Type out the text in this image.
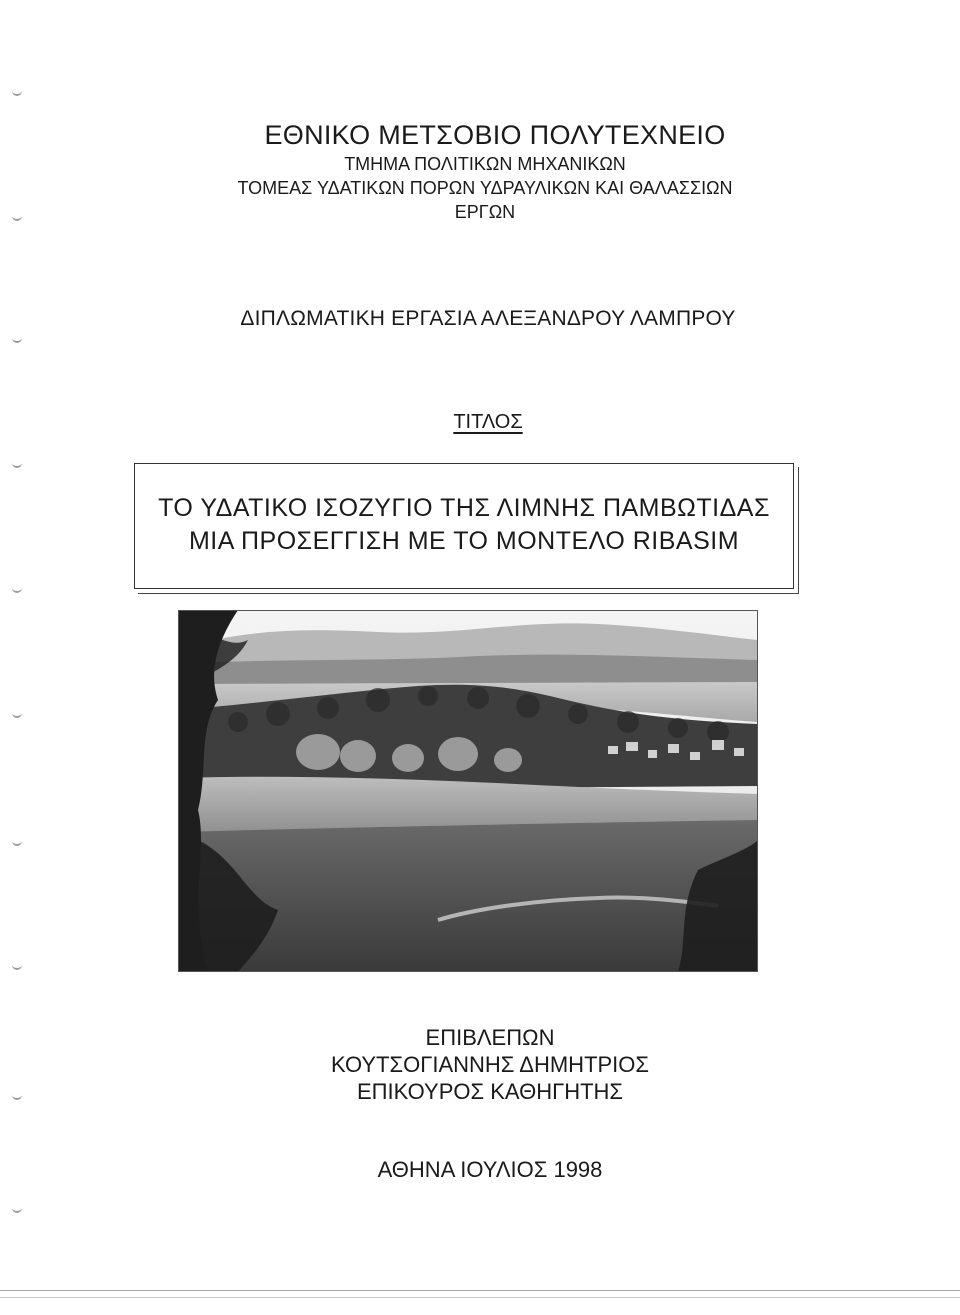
ΕΘΝΙΚΟ ΜΕΤΣΟΒΙΟ ΠΟΛΥΤΕΧΝΕΙΟ
ΤΜΗΜΑ ΠΟΛΙΤΙΚΩΝ ΜΗΧΑΝΙΚΩΝ
ΤΟΜΕΑΣ ΥΔΑΤΙΚΩΝ ΠΟΡΩΝ ΥΔΡΑΥΛΙΚΩΝ ΚΑΙ ΘΑΛΑΣΣΙΩΝ ΕΡΓΩΝ
ΔΙΠΛΩΜΑΤΙΚΗ ΕΡΓΑΣΙΑ ΑΛΕΞΑΝΔΡΟΥ ΛΑΜΠΡΟΥ
ΤΙΤΛΟΣ
ΤΟ ΥΔΑΤΙΚΟ ΙΣΟΖΥΓΙΟ ΤΗΣ ΛΙΜΝΗΣ ΠΑΜΒΩΤΙΔΑΣ
ΜΙΑ ΠΡΟΣΕΓΓΙΣΗ ΜΕ ΤΟ ΜΟΝΤΕΛΟ RIBASIM
ΕΠΙΒΛΕΠΩΝ
ΚΟΥΤΣΟΓΙΑΝΝΗΣ ΔΗΜΗΤΡΙΟΣ
ΕΠΙΚΟΥΡΟΣ ΚΑΘΗΓΗΤΗΣ
ΑΘΗΝΑ ΙΟΥΛΙΟΣ 1998
